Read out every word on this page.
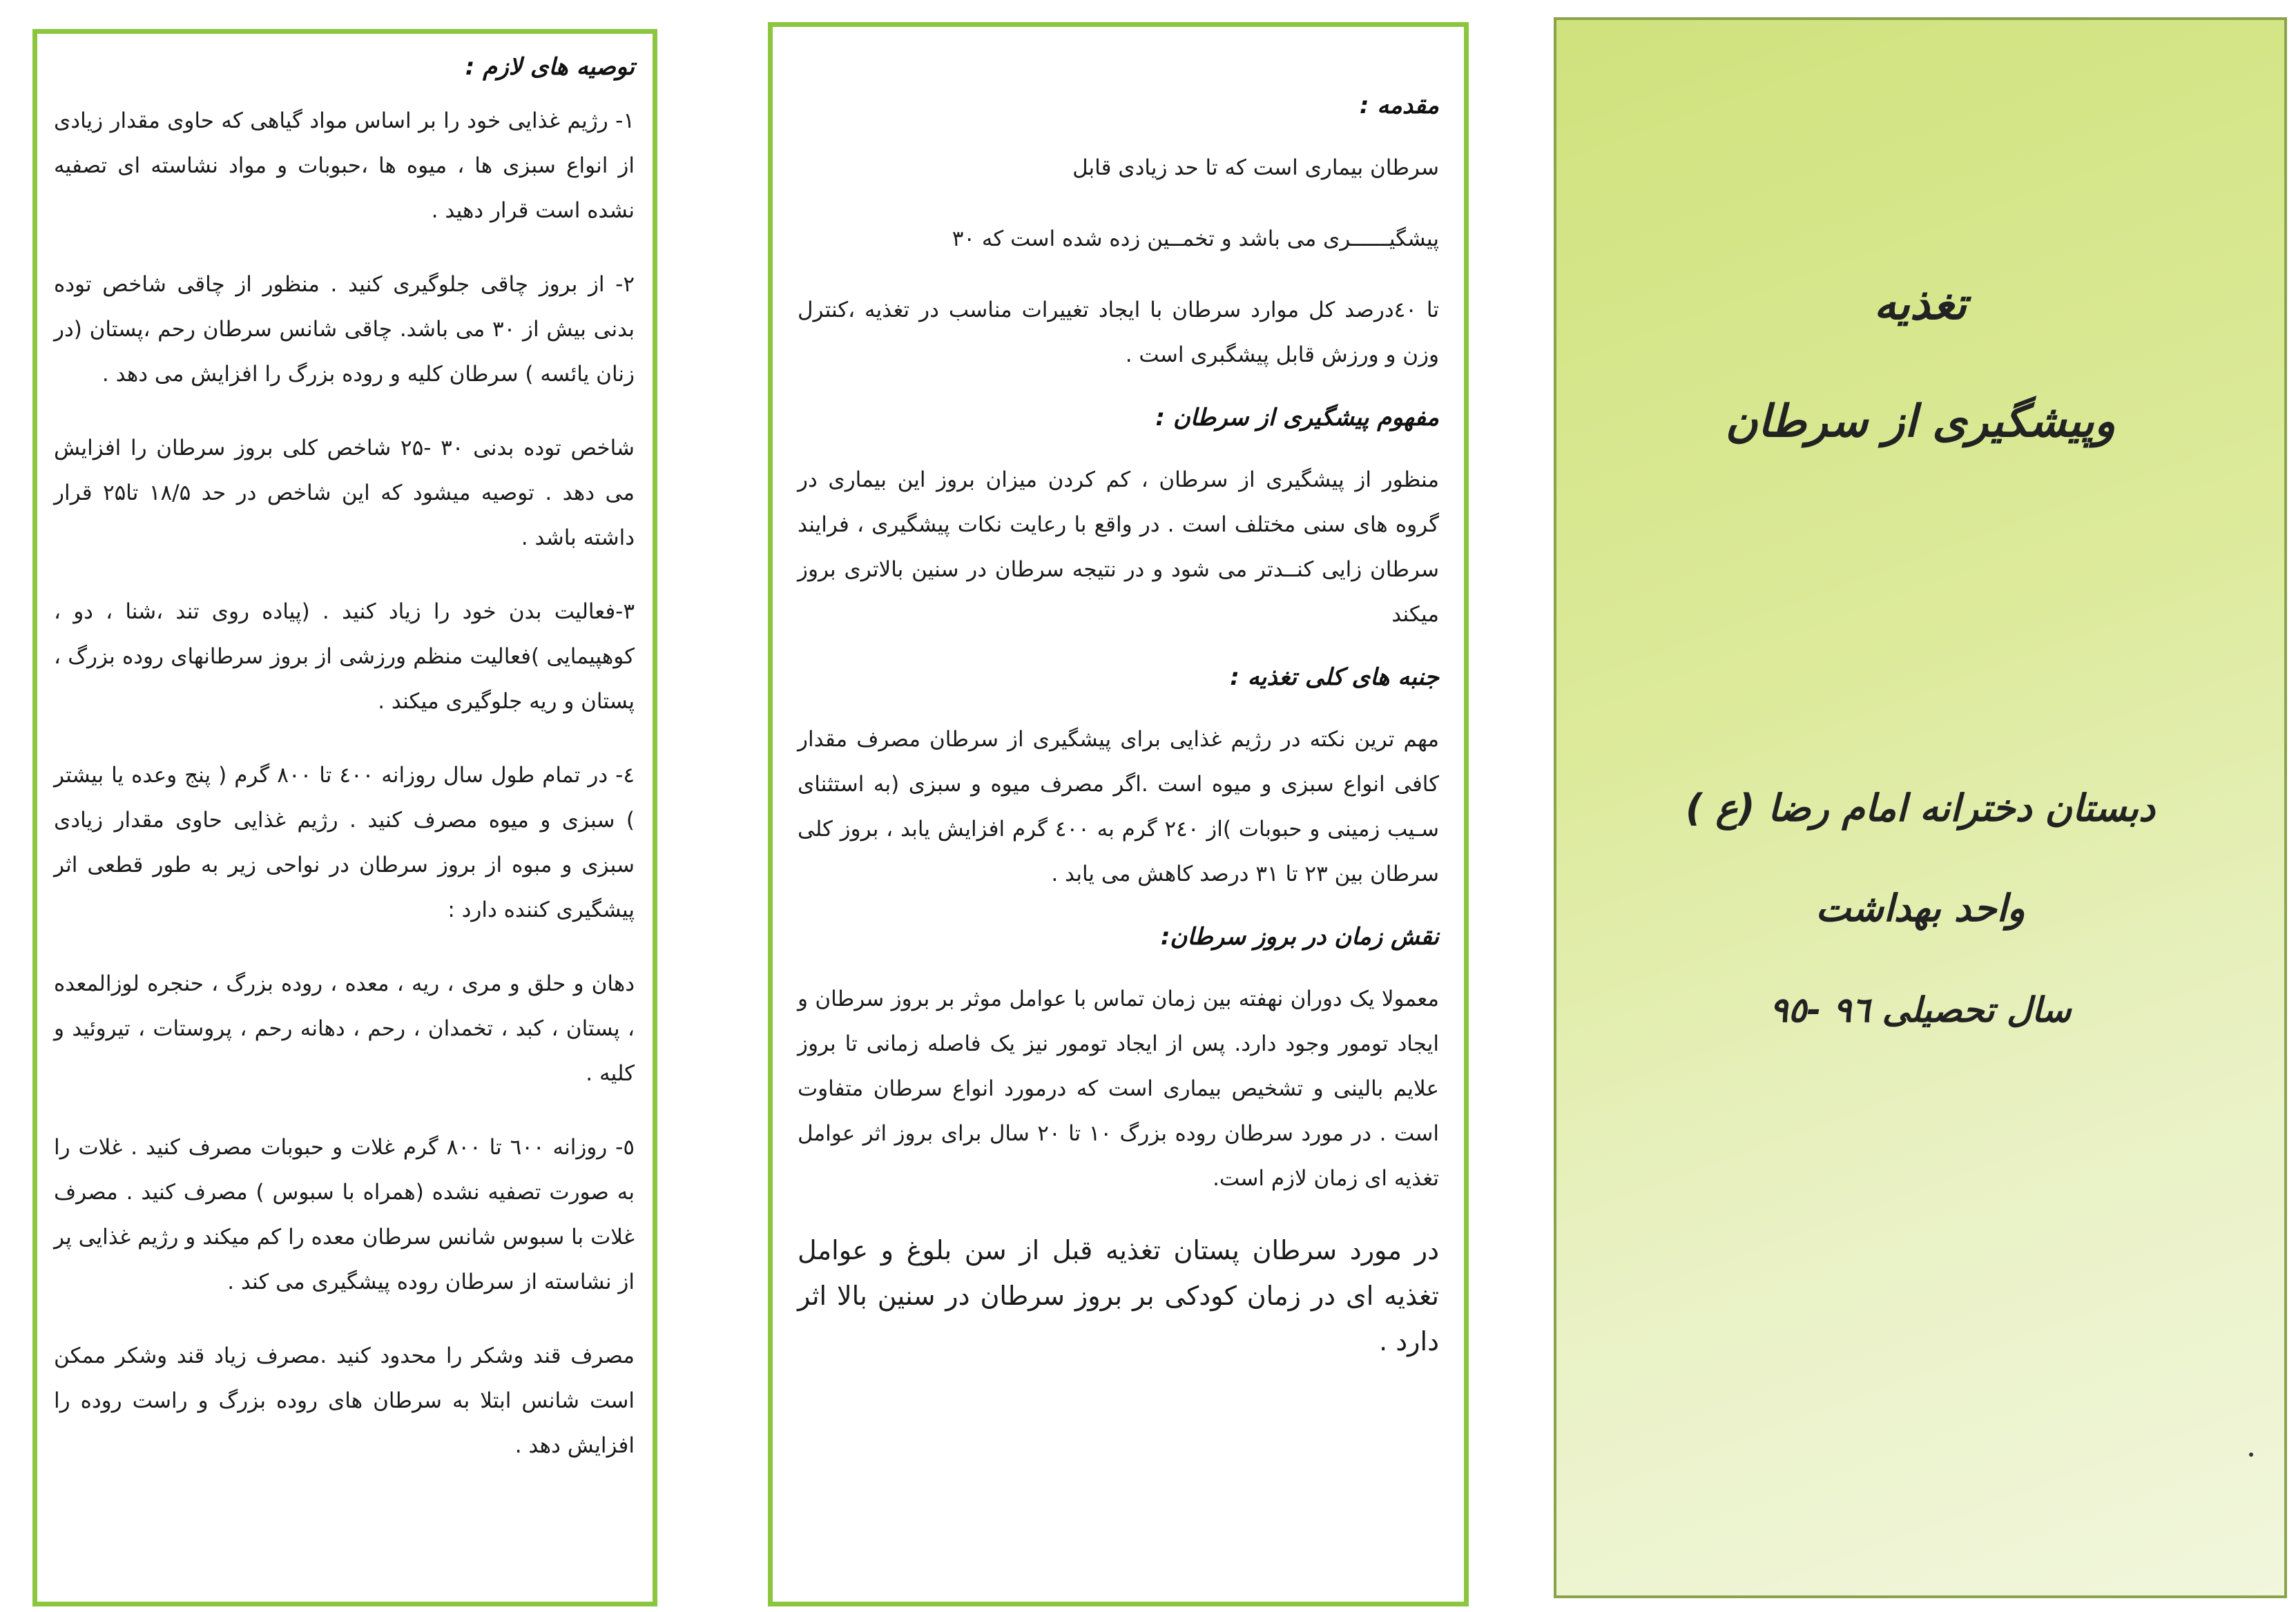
توصیه های لازم :

۱- رژیم غذایی خود را بر اساس مواد گیاهی که حاوی مقدار زیادی از انواع سبزی ها ، میوه ها ،حبوبات و مواد نشاسته ای تصفیه نشده است قرار دهید .

۲- از بروز چاقی جلوگیری کنید . منظور از چاقی شاخص توده بدنی بیش از ۳۰ می باشد. چاقی شانس سرطان رحم ،پستان (در زنان یائسه ) سرطان کلیه و روده بزرگ را افزایش می دهد .

شاخص توده بدنی ۳۰ -۲۵ شاخص کلی بروز سرطان را افزایش می دهد . توصیه میشود که این شاخص در حد ۱۸/۵ تا۲۵ قرار داشته باشد .

۳-فعالیت بدن خود را زیاد کنید . (پیاده روی تند ،شنا ، دو ، کوهپیمایی )فعالیت منظم ورزشی از بروز سرطانهای روده بزرگ ، پستان و ریه جلوگیری میکند .

٤- در تمام طول سال روزانه ٤٠٠ تا ٨٠٠ گرم ( پنج وعده یا بیشتر ) سبزی و میوه مصرف کنید . رژیم غذایی حاوی مقدار زیادی سبزی و مبوه از بروز سرطان در نواحی زیر به طور قطعی اثر پیشگیری کننده دارد :

دهان و حلق و مری ، ریه ، معده ، روده بزرگ ، حنجره لوزالمعده ، پستان ، کبد ، تخمدان ، رحم ، دهانه رحم ، پروستات ، تیروئید و کلیه .

٥- روزانه ٦٠٠ تا ٨٠٠ گرم غلات و حبوبات مصرف کنید . غلات را به صورت تصفیه نشده (همراه با سبوس ) مصرف کنید . مصرف غلات با سبوس شانس سرطان معده را کم میکند و رژیم غذایی پر از نشاسته از سرطان روده پیشگیری می کند .

مصرف قند وشکر را محدود کنید .مصرف زیاد قند وشکر ممکن است شانس ابتلا به سرطان های روده بزرگ و راست روده را افزایش دهد .

مقدمه :

سرطان بیماری است که تا حد زیادی قابل

پیشگیــــــری می باشد و تخمــین زده شده است که ۳۰

تا ٤٠درصد کل موارد سرطان با ایجاد تغییرات مناسب در تغذیه ،کنترل وزن و ورزش قابل پیشگبری است .

مفهوم پیشگیری از سرطان :

منظور از پیشگیری از سرطان ، کم کردن میزان بروز این بیماری در گروه های سنی مختلف است . در واقع با رعایت نکات پیشگیری ، فرایند سرطان زایی کنــدتر می شود و در نتیجه سرطان در سنین بالاتری بروز میکند

جنبه های کلی تغذیه :

مهم ترین نکته در رژیم غذایی برای پیشگیری از سرطان مصرف مقدار کافی انواع سبزی و میوه است .اگر مصرف میوه و سبزی (به استثنای سـیب زمینی و حبوبات )از ۲٤٠ گرم به ٤٠٠ گرم افزایش یابد ، بروز کلی سرطان بین ۲۳ تا ۳۱ درصد کاهش می یابد .

نقش زمان در بروز سرطان:

معمولا یک دوران نهفته بین زمان تماس با عوامل موثر بر بروز سرطان و ایجاد تومور وجود دارد. پس از ایجاد تومور نیز یک فاصله زمانی تا بروز علایم بالینی و تشخیص بیماری است که درمورد انواع سرطان متفاوت است . در مورد سرطان روده بزرگ ۱۰ تا ۲۰ سال برای بروز اثر عوامل تغذیه ای زمان لازم است.

در مورد سرطان پستان تغذیه قبل از سن بلوغ و عوامل تغذیه ای در زمان کودکی بر بروز سرطان در سنین بالا اثر دارد .

تغذیه
وپیشگیری از سرطان
دبستان دخترانه امام رضا (ع )
واحد بهداشت
سال تحصیلی ۹٦ -۹٥
